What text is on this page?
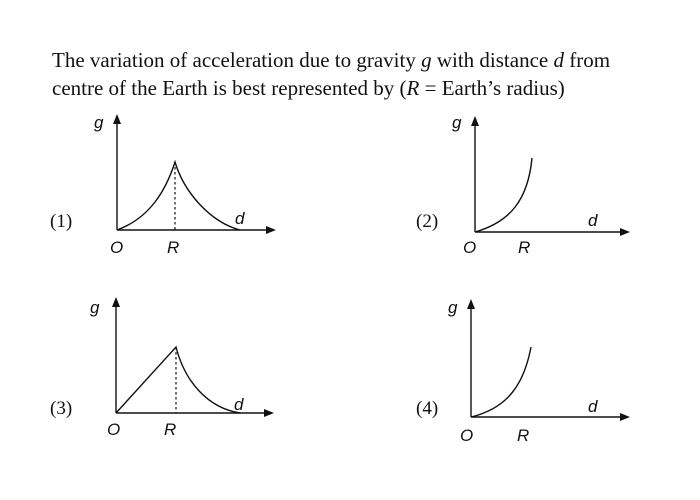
The variation of acceleration due to gravity g with distance d from
centre of the Earth is best represented by (R = Earth’s radius)
(1)	(2)
(3)	(4)
g
d
O	R
g
d
O R
g
d
O	R
g
d
O	R
